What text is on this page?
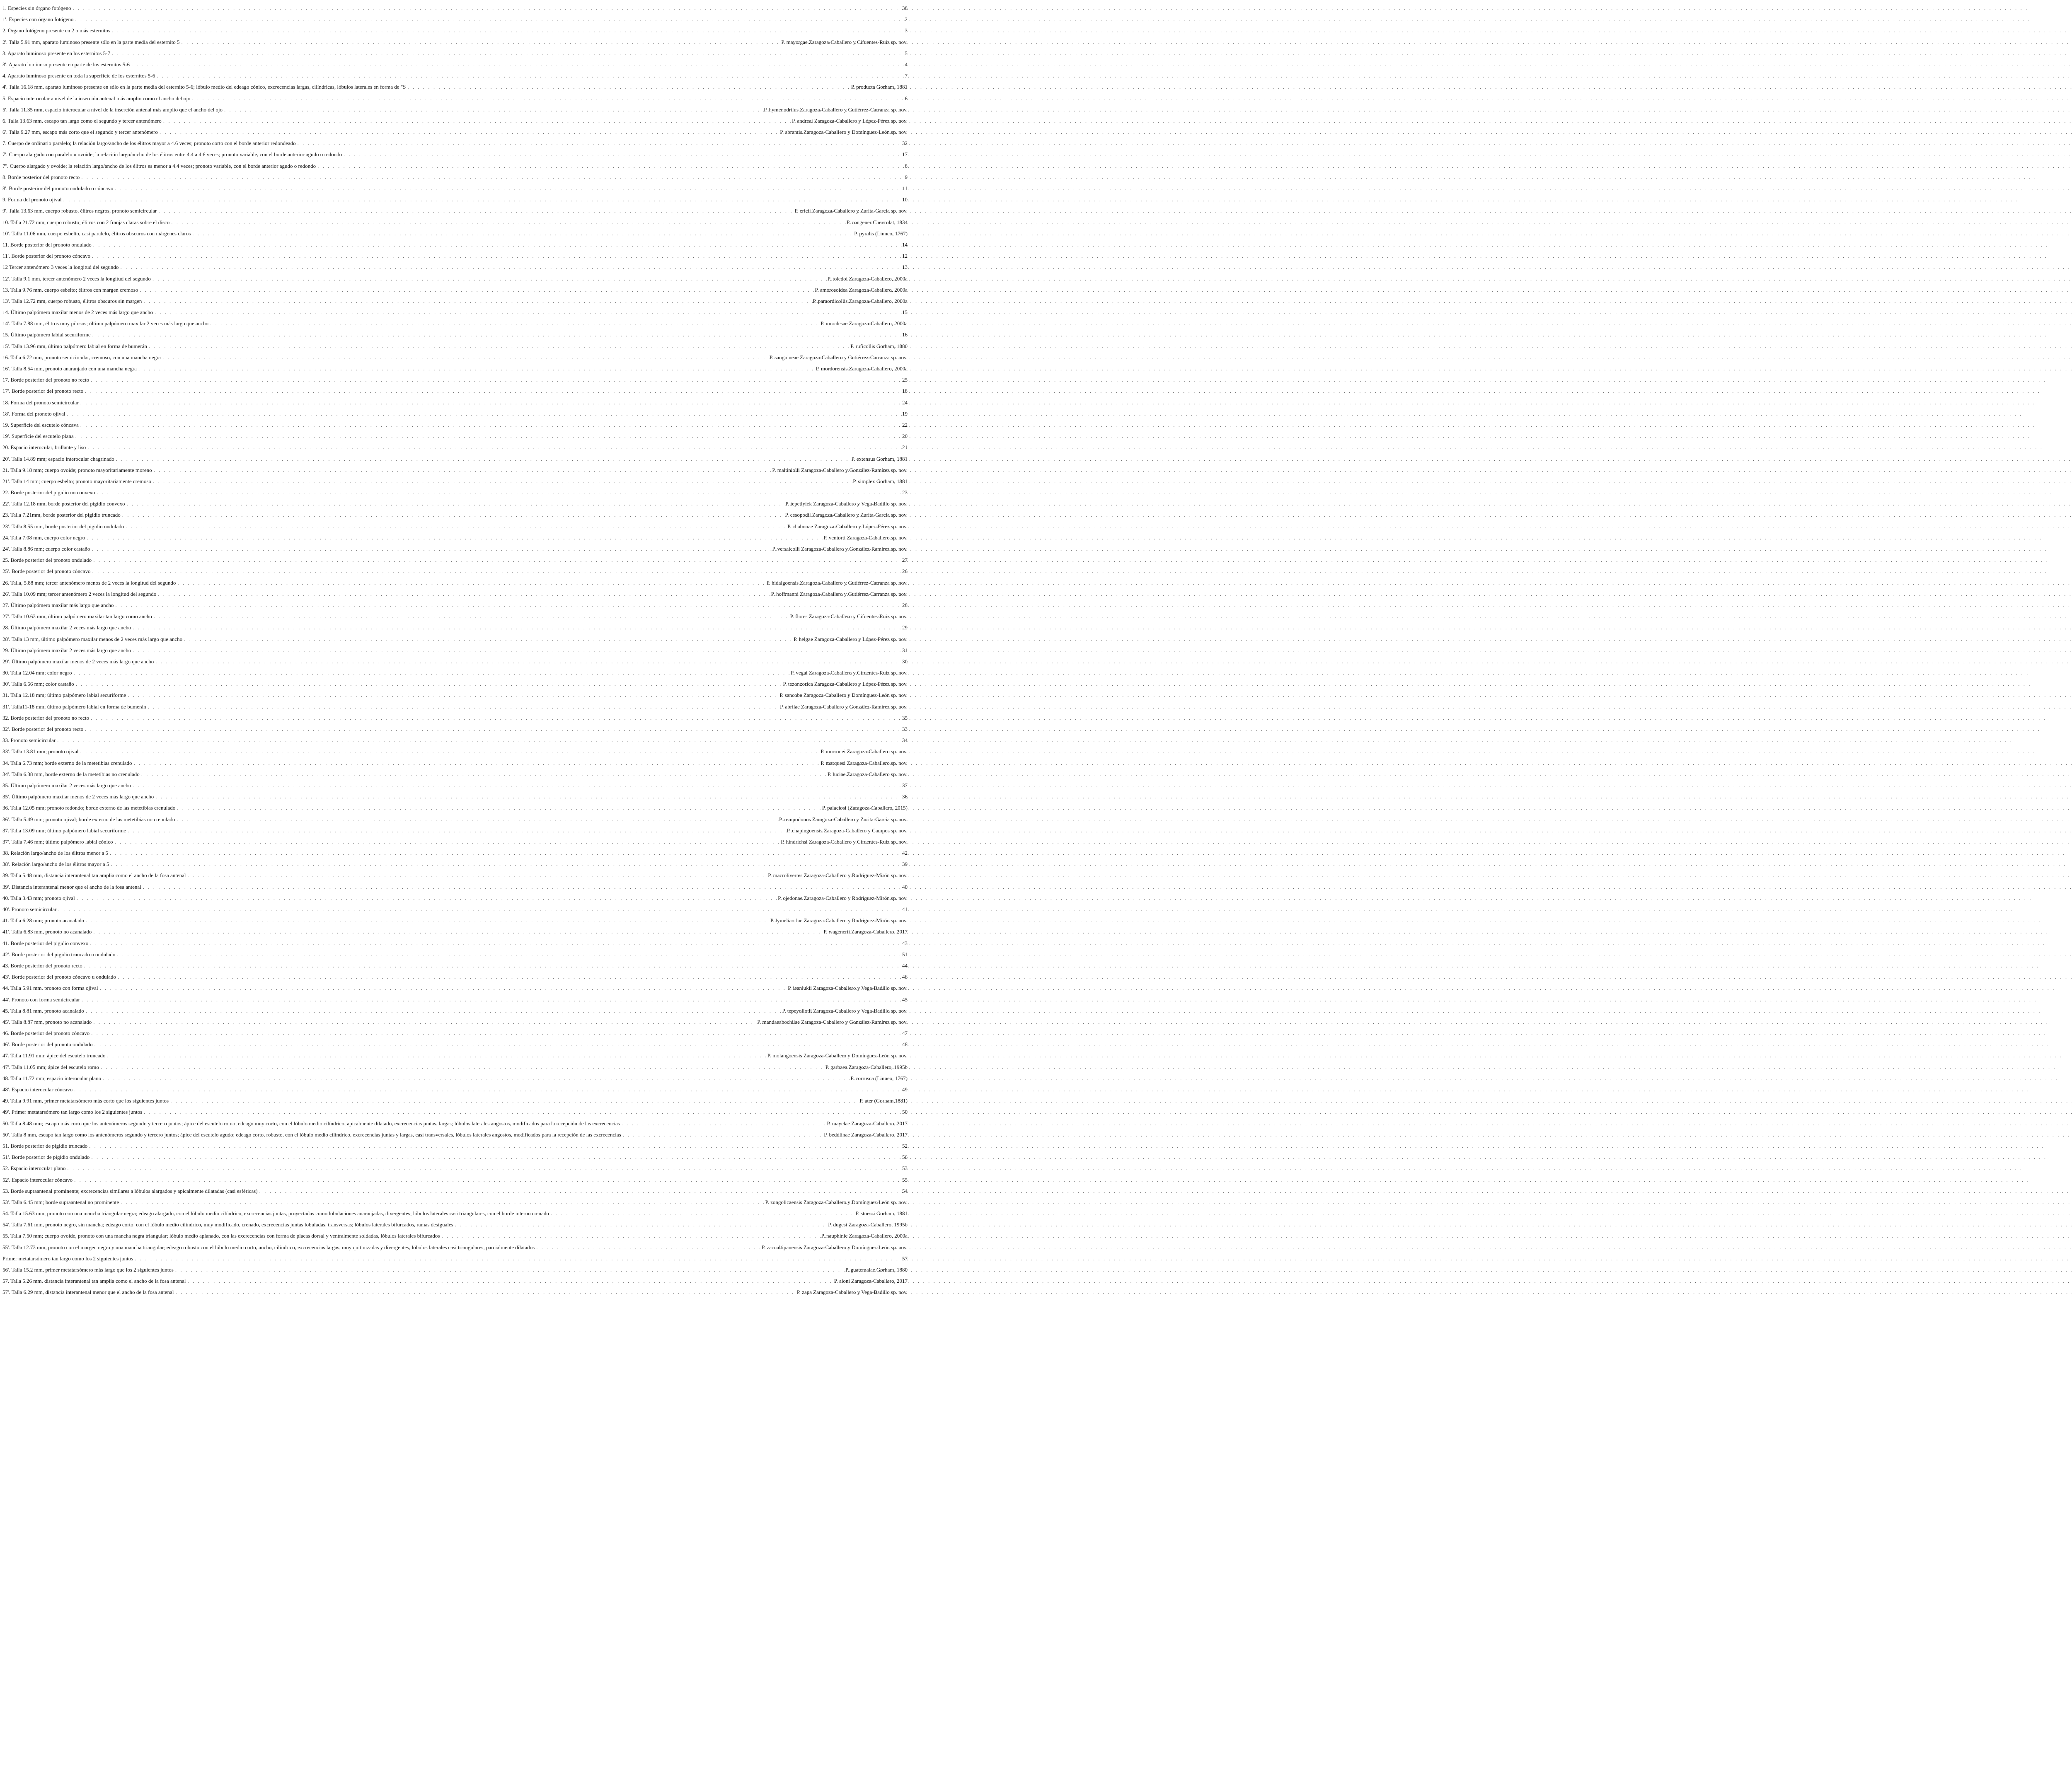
1. Especies sin órgano fotógeno . . .	38
1'. Especies con órgano fotógeno . . .	2
2. Órgano fotógeno presente en 2 o más esternitos . . .	3
2'. Talla 5.91 mm, aparato luminoso presente sólo en la parte media del esternito 5 . . .	P. mayorgae Zaragoza-Caballero y Cifuentes-Ruiz sp. nov.
3. Aparato luminoso presente en los esternitos 5-7 . . .	5
3'. Aparato luminoso presente en parte de los esternitos 5-6 . . .	4
4. Aparato luminoso presente en toda la superficie de los esternitos 5-6 . . .	7
4'. Talla 16.18 mm, aparato luminoso presente en sólo en la parte media del esternito 5-6; lóbulo medio del edeago cónico, excrecencias largas, cilíndricas, lóbulos laterales en forma de "S . . .	P. producta Gorham, 1881
5. Espacio interocular a nivel de la inserción antenal más amplio como el ancho del ojo . . .	6
5'. Talla 11.35 mm, espacio interocular a nivel de la inserción antenal más amplio que el ancho del ojo . . .	P. hymenodrilus Zaragoza-Caballero y Gutiérrez-Carranza sp. nov.
6. Talla 13.63 mm, escapo tan largo como el segundo y tercer antenómero . . .	P. andreai Zaragoza-Caballero y López-Pérez sp. nov.
6'. Talla 9.27 mm, escapo más corto que el segundo y tercer antenómero . . .	P. abrantis Zaragoza-Caballero y Domínguez-León sp. nov.
7. Cuerpo de ordinario paralelo; la relación largo/ancho de los élitros mayor a 4.6 veces; pronoto corto con el borde anterior redondeado . . .	32
7'. Cuerpo alargado con paralelo u ovoide; la relación largo/ancho de los élitros entre 4.4 a 4.6 veces; pronoto variable, con el borde anterior agudo o redondo . . .	17
7''. Cuerpo alargado y ovoide; la relación largo/ancho de los élitros es menor a 4.4 veces; pronoto variable, con el borde anterior agudo o redondo . . .	8
8. Borde posterior del pronoto recto . . .	9
8'. Borde posterior del pronoto ondulado o cóncavo . . .	11
9. Forma del pronoto ojival . . .	10
9'. Talla 13.63 mm, cuerpo robusto, élitros negros, pronoto semicircular . . .	P. ericii Zaragoza-Caballero y Zurita-García sp. nov.
10. Talla 21.72 mm, cuerpo robusto; élitros con 2 franjas claras sobre el disco . . .	P. congener Chevrolat, 1834
10'. Talla 11.06 mm, cuerpo esbelto, casi paralelo, élitros obscuros con márgenes claros . . .	P. pyralis (Linneo, 1767)
11. Borde posterior del pronoto ondulado . . .	14
11'. Borde posterior del pronoto cóncavo . . .	12
12 Tercer antenómero 3 veces la longitud del segundo . . .	13
12'. Talla 9.1 mm, tercer antenómero 2 veces la longitud del segundo . . .	P. toledoi Zaragoza-Caballero, 2000a
13. Talla 9.76 mm, cuerpo esbelto; élitros con margen cremoso . . .	P. amorosoidea Zaragoza-Caballero, 2000a
13'. Talla 12.72 mm, cuerpo robusto, élitros obscuros sin margen . . .	P. paraordicollis Zaragoza-Caballero, 2000a
14. Último palpómero maxilar menos de 2 veces más largo que ancho . . .	15
14'. Talla 7.88 mm, élitros muy pilosos; último palpómero maxilar 2 veces más largo que ancho . . .	P. moralesae Zaragoza-Caballero, 2000a
15. Último palpómero labial securiforme . . .	16
15'. Talla 13.96 mm, último palpómero labial en forma de bumerán . . .	P. ruficollis Gorham, 1880
16. Talla 6.72 mm, pronoto semicircular, cremoso, con una mancha negra . . .	P. sanguineae Zaragoza-Caballero y Gutiérrez-Carranza sp. nov.
16'. Talla 8.54 mm, pronoto anaranjado con una mancha negra . . .	P. mordorensis Zaragoza-Caballero, 2000a
17. Borde posterior del pronoto no recto . . .	25
17'. Borde posterior del pronoto recto . . .	18
18. Forma del pronoto semicircular . . .	24
18'. Forma del pronoto ojival . . .	19
19. Superficie del escutelo cóncava . . .	22
19'. Superficie del escutelo plana . . .	20
20. Espacio interocular, brillante y liso . . .	21
20'. Talla 14.89 mm; espacio interocular chagrinado . . .	P. extensus Gorham, 1881
21. Talla 9.18 mm; cuerpo ovoide; pronoto mayoritariamente moreno . . .	P. maltiniolli Zaragoza-Caballero y González-Ramírez sp. nov.
21'. Talla 14 mm; cuerpo esbelto; pronoto mayoritariamente cremoso . . .	P. simplex Gorham, 1881
22. Borde posterior del pigidio no convexo . . .	23
22'. Talla 12.18 mm, borde posterior del pigidio convexo . . .	P. tepetlyiek Zaragoza-Caballero y Vega-Badillo sp. nov.
23. Talla 7.21mm, borde posterior del pigidio truncado . . .	P. cesopodil Zaragoza-Caballero y Zurita-García sp. nov.
23'. Talla 8.55 mm, borde posterior del pigidio ondulado . . .	P. chabooae Zaragoza-Caballero y López-Pérez sp. nov.
24. Talla 7.08 mm, cuerpo color negro . . .	P. ventorti Zaragoza-Caballero sp. nov.
24'. Talla 8.86 mm; cuerpo color castaño . . .	P. versaicolli Zaragoza-Caballero y González-Ramírez sp. nov.
25. Borde posterior del pronoto ondulado . . .	27
25'. Borde posterior del pronoto cóncavo . . .	26
26. Talla, 5.88 mm; tercer antenómero menos de 2 veces la longitud del segundo . . .	P. hidalgoensis Zaragoza-Caballero y Gutiérrez-Carranza sp. nov.
26'. Talla 10.09 mm; tercer antenómero 2 veces la longitud del segundo . . .	P. hoffmanni Zaragoza-Caballero y Gutiérrez-Carranza sp. nov.
27. Último palpómero maxilar más largo que ancho . . .	28
27'. Talla 10.63 mm, último palpómero maxilar tan largo como ancho . . .	P. flores Zaragoza-Caballero y Cifuentes-Ruiz sp. nov.
28. Último palpómero maxilar 2 veces más largo que ancho . . .	29
28'. Talla 13 mm, último palpómero maxilar menos de 2 veces más largo que ancho . . .	P. helgae Zaragoza-Caballero y López-Pérez sp. nov.
29. Último palpómero maxilar 2 veces más largo que ancho . . .	31
29'. Último palpómero maxilar menos de 2 veces más largo que ancho . . .	30
30. Talla 12.04 mm; color negro . . .	P. vegai Zaragoza-Caballero y Cifuentes-Ruiz sp. nov.
30'. Talla 6.56 mm; color castaño . . .	P. tezonzorica Zaragoza-Caballero y López-Pérez sp. nov.
31. Talla 12.18 mm; último palpómero labial securiforme . . .	P. sancobe Zaragoza-Caballero y Domínguez-León sp. nov.
31'. Talla11-18 mm; último palpómero labial en forma de bumerán . . .	P. abrilae Zaragoza-Caballero y González-Ramírez sp. nov.
32. Borde posterior del pronoto no recto . . .	35
32'. Borde posterior del pronoto recto . . .	33
33. Pronoto semicircular . . .	34
33'. Talla 13.81 mm; pronoto ojival . . .	P. morronei Zaragoza-Caballero sp. nov.
34. Talla 6.73 mm; borde externo de la metetibias crenulado . . .	P. marquesi Zaragoza-Caballero sp. nov.
34'. Talla 6.38 mm, borde externo de la metetibias no crenulado . . .	P. luciae Zaragoza-Caballero sp. nov.
35. Último palpómero maxilar 2 veces más largo que ancho . . .	37
35'. Último palpómero maxilar menos de 2 veces más largo que ancho . . .	36
36. Talla 12.05 mm; pronoto redondo; borde externo de las metetibias crenulado . . .	P. palaciosi (Zaragoza-Caballero, 2015)
36'. Talla 5.49 mm; pronoto ojival; borde externo de las metetibias no crenulado . . .	P. rempodonos Zaragoza-Caballero y Zurita-García sp. nov.
37. Talla 13.09 mm; último palpómero labial securiforme . . .	P. chapingoensis Zaragoza-Caballero y Campos sp. nov.
37'. Talla 7.46 mm; último palpómero labial cónico . . .	P. hindrichsi Zaragoza-Caballero y Cifuentes-Ruiz sp. nov.
38. Relación largo/ancho de los élitros menor a 5 . . .	42
38'. Relación largo/ancho de los élitros mayor a 5 . . .	39
39. Talla 5.48 mm, distancia interantenal tan amplia como el ancho de la fosa antenal . . .	P. macrolivertes Zaragoza-Caballero y Rodríguez-Mirón sp. nov.
39'. Distancia interantenal menor que el ancho de la fosa antenal . . .	40
40. Talla 3.43 mm; pronoto ojival . . .	P. ojedonae Zaragoza-Caballero y Rodríguez-Mirón sp. nov.
40'. Pronoto semicircular . . .	41
41. Talla 6.28 mm; pronoto acanalado . . .	P. lymeliaorlae Zaragoza-Caballero y Rodríguez-Mirón sp. nov.
41'. Talla 6.83 mm, pronoto no acanalado . . .	P. wagenerii Zaragoza-Caballero, 2017
41. Borde posterior del pigidio convexo . . .	43
42'. Borde posterior del pigidio truncado u ondulado . . .	51
43. Borde posterior del pronoto recto . . .	44
43'. Borde posterior del pronoto cóncavo u ondulado . . .	46
44. Talla 5.91 mm, pronoto con forma ojival . . .	P. ieanlukii Zaragoza-Caballero y Vega-Badillo sp. nov.
44'. Pronoto con forma semicircular . . .	45
45. Talla 8.81 mm, pronoto acanalado . . .	P. tepeyollotli Zaragoza-Caballero y Vega-Badillo sp. nov.
45'. Talla 8.87 mm, pronoto no acanalado . . .	P. mandaeabochilae Zaragoza-Caballero y González-Ramírez sp. nov.
46. Borde posterior del pronoto cóncavo . . .	47
46'. Borde posterior del pronoto ondulado . . .	48
47. Talla 11.91 mm; ápice del escutelo truncado . . .	P. molangoensis Zaragoza-Caballero y Domínguez-León sp. nov.
47'. Talla 11.05 mm; ápice del escutelo romo . . .	P. garbaea Zaragoza-Caballero, 1995b
48. Talla 11.72 mm; espacio interocular plano . . .	P. corrusca (Linneo, 1767)
48'. Espacio interocular cóncavo . . .	49
49. Talla 9.91 mm, primer metatarsómero más corto que los siguientes juntos . . .	P. ater (Gorham,1881)
49'. Primer metatarsómero tan largo como los 2 siguientes juntos . . .	50
50. Talla 8.48 mm; escapo más corto que los antenómeros segundo y tercero juntos; ápice del escutelo romo; edeago muy corto, con el lóbulo medio cilíndrico, apicalmente dilatado, excrecencias juntas, largas; lóbulos laterales angostos, modificados para la recepción de las excrecencias . . .	P. mayelae Zaragoza-Caballero, 2017
50'. Talla 8 mm, escapo tan largo como los antenómeros segundo y tercero juntos; ápice del escutelo agudo; edeago corto, robusto, con el lóbulo medio cilíndrico, excrecencias juntas y largas, casi transversales, lóbulos laterales angostos, modificados para la recepción de las excrecencias . . .	P. beddlinae Zaragoza-Caballero, 2017
51. Borde posterior de pigidio truncado . . .	52
51'. Borde posterior de pigidio ondulado . . .	56
52. Espacio interocular plano . . .	53
52'. Espacio interocular cóncavo . . .	55
53. Borde supraantenal prominente; excrecencias similares a lóbulos alargados y apicalmente dilatadas (casi esféricas) . . .	54
53'. Talla 6.45 mm; borde supraantenal no prominente . . .	P. zongolicaensis Zaragoza-Caballero y Domínguez-León sp. nov.
54. Talla 15.63 mm, pronoto con una mancha triangular negra; edeago alargado, con el lóbulo medio cilíndrico, excrecencias juntas, proyectadas como lobulaciones anaranjadas, divergentes; lóbulos laterales casi triangulares, con el borde interno crenado . . .	P. stuessi Gorham, 1881
54'. Talla 7.61 mm, pronoto negro, sin mancha; edeago corto, con el lóbulo medio cilíndrico, muy modificado, crenado, excrecencias juntas lobuladas, transversas; lóbulos laterales bifurcados, ramas desiguales . . .	P. dugesi Zaragoza-Caballero, 1995b
55. Talla 7.50 mm; cuerpo ovoide, pronoto con una mancha negra triangular; lóbulo medio aplanado, con las excrecencias con forma de placas dorsal y ventralmente soldadas, lóbulos laterales bifurcados . . .	P. nauphinie Zaragoza-Caballero, 2000a
55'. Talla 12.73 mm, pronoto con el margen negro y una mancha triangular; edeago robusto con el lóbulo medio corto, ancho, cilíndrico, excrecencias largas, muy quitinizadas y divergentes, lóbulos laterales casi triangulares, parcialmente dilatados . . .	P. zacualtipanensis Zaragoza-Caballero y Domínguez-León sp. nov.
Primer metatarsómero tan largo como los 2 siguientes juntos . . .	57
56'. Talla 15.2 mm, primer metatarsómero más largo que los 2 siguientes juntos . . .	P. guatemalae Gorham, 1880
57. Talla 5.26 mm, distancia interantenal tan amplia como el ancho de la fosa antenal . . .	P. aloni Zaragoza-Caballero, 2017
57'. Talla 6.29 mm, distancia interantenal menor que el ancho de la fosa antenal . . .	P. zapa Zaragoza-Caballero y Vega-Badillo sp. nov.
